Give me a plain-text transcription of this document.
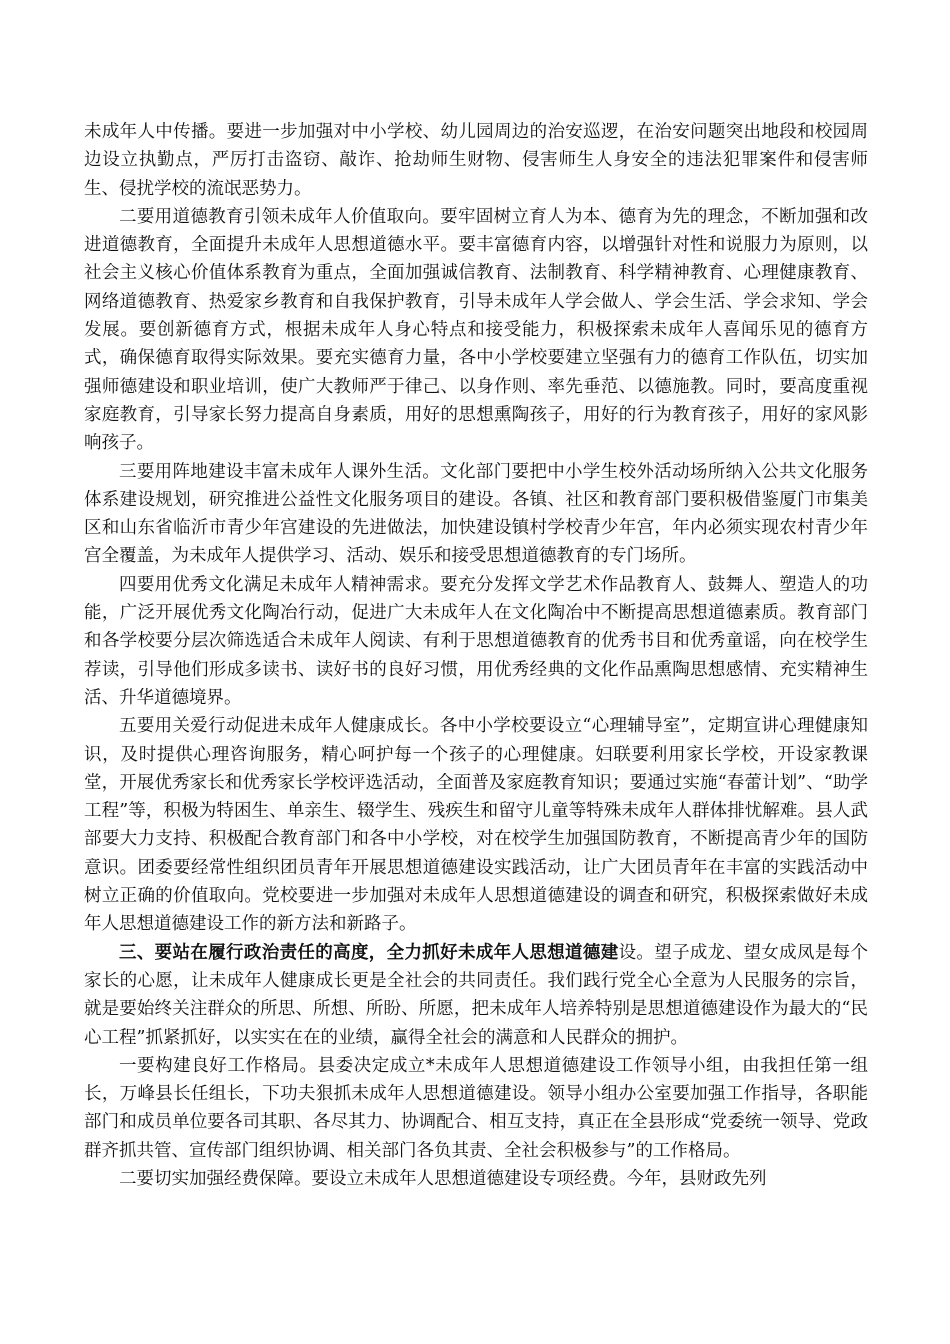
未成年人中传播。要进一步加强对中小学校、幼儿园周边的治安巡逻，在治安问题突出地段和校园周边设立执勤点，严厉打击盗窃、敲诈、抢劫师生财物、侵害师生人身安全的违法犯罪案件和侵害师生、侵扰学校的流氓恶势力。

二要用道德教育引领未成年人价值取向。要牢固树立育人为本、德育为先的理念，不断加强和改进道德教育，全面提升未成年人思想道德水平。要丰富德育内容，以增强针对性和说服力为原则，以社会主义核心价值体系教育为重点，全面加强诚信教育、法制教育、科学精神教育、心理健康教育、网络道德教育、热爱家乡教育和自我保护教育，引导未成年人学会做人、学会生活、学会求知、学会发展。要创新德育方式，根据未成年人身心特点和接受能力，积极探索未成年人喜闻乐见的德育方式，确保德育取得实际效果。要充实德育力量，各中小学校要建立坚强有力的德育工作队伍，切实加强师德建设和职业培训，使广大教师严于律己、以身作则、率先垂范、以德施教。同时，要高度重视家庭教育，引导家长努力提高自身素质，用好的思想熏陶孩子，用好的行为教育孩子，用好的家风影响孩子。

三要用阵地建设丰富未成年人课外生活。文化部门要把中小学生校外活动场所纳入公共文化服务体系建设规划，研究推进公益性文化服务项目的建设。各镇、社区和教育部门要积极借鉴厦门市集美区和山东省临沂市青少年宫建设的先进做法，加快建设镇村学校青少年宫，年内必须实现农村青少年宫全覆盖，为未成年人提供学习、活动、娱乐和接受思想道德教育的专门场所。

四要用优秀文化满足未成年人精神需求。要充分发挥文学艺术作品教育人、鼓舞人、塑造人的功能，广泛开展优秀文化陶冶行动，促进广大未成年人在文化陶冶中不断提高思想道德素质。教育部门和各学校要分层次筛选适合未成年人阅读、有利于思想道德教育的优秀书目和优秀童谣，向在校学生荐读，引导他们形成多读书、读好书的良好习惯，用优秀经典的文化作品熏陶思想感情、充实精神生活、升华道德境界。

五要用关爱行动促进未成年人健康成长。各中小学校要设立“心理辅导室”，定期宣讲心理健康知识，及时提供心理咨询服务，精心呵护每一个孩子的心理健康。妇联要利用家长学校，开设家教课堂，开展优秀家长和优秀家长学校评选活动，全面普及家庭教育知识；要通过实施“春蕾计划”、“助学工程”等，积极为特困生、单亲生、辍学生、残疾生和留守儿童等特殊未成年人群体排忧解难。县人武部要大力支持、积极配合教育部门和各中小学校，对在校学生加强国防教育，不断提高青少年的国防意识。团委要经常性组织团员青年开展思想道德建设实践活动，让广大团员青年在丰富的实践活动中树立正确的价值取向。党校要进一步加强对未成年人思想道德建设的调查和研究，积极探索做好未成年人思想道德建设工作的新方法和新路子。

三、要站在履行政治责任的高度，全力抓好未成年人思想道德建设。望子成龙、望女成凤是每个家长的心愿，让未成年人健康成长更是全社会的共同责任。我们践行党全心全意为人民服务的宗旨，就是要始终关注群众的所思、所想、所盼、所愿，把未成年人培养特别是思想道德建设作为最大的“民心工程”抓紧抓好，以实实在在的业绩，赢得全社会的满意和人民群众的拥护。

一要构建良好工作格局。县委决定成立*未成年人思想道德建设工作领导小组，由我担任第一组长，万峰县长任组长，下功夫狠抓未成年人思想道德建设。领导小组办公室要加强工作指导，各职能部门和成员单位要各司其职、各尽其力、协调配合、相互支持，真正在全县形成“党委统一领导、党政群齐抓共管、宣传部门组织协调、相关部门各负其责、全社会积极参与”的工作格局。

二要切实加强经费保障。要设立未成年人思想道德建设专项经费。今年，县财政先列
